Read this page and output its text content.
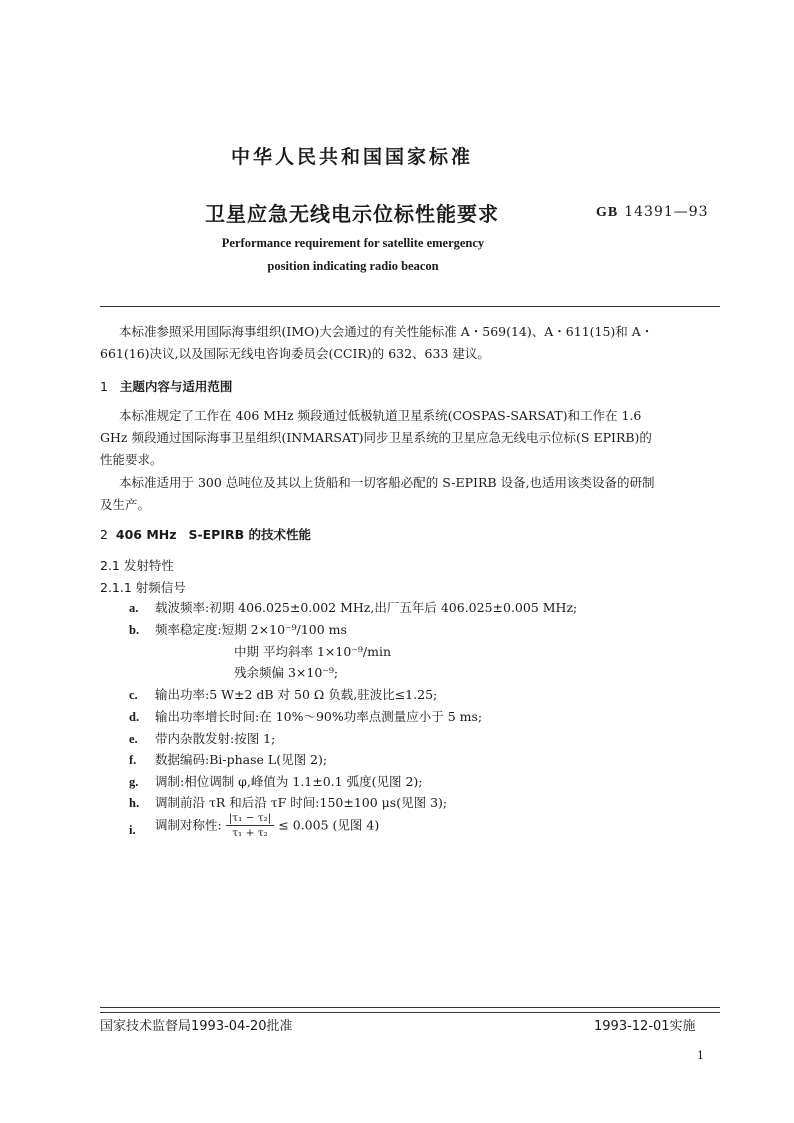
中华人民共和国国家标准
卫星应急无线电示位标性能要求	GB 14391—93
Performance requirement for satellite emergency
position indicating radio beacon
本标准参照采用国际海事组织(IMO)大会通过的有关性能标准 A・569(14)、A・611(15)和 A・
661(16)决议,以及国际无线电咨询委员会(CCIR)的 632、633 建议。
1 主题内容与适用范围
本标准规定了工作在 406 MHz 频段通过低极轨道卫星系统(COSPAS-SARSAT)和工作在 1.6
GHz 频段通过国际海事卫星组织(INMARSAT)同步卫星系统的卫星应急无线电示位标(S EPIRB)的
性能要求。
本标准适用于 300 总吨位及其以上货船和一切客船必配的 S-EPIRB 设备,也适用该类设备的研制
及生产。
2 406 MHz S-EPIRB 的技术性能
2.1 发射特性
2.1.1 射频信号
a. 载波频率:初期 406.025±0.002 MHz,出厂五年后 406.025±0.005 MHz;
b. 频率稳定度:短期 2×10⁻⁹/100 ms
中期 平均斜率 1×10⁻⁹/min
残余频偏 3×10⁻⁹;
c. 输出功率:5 W±2 dB 对 50 Ω 负载,驻波比≤1.25;
d. 输出功率增长时间:在 10%～90%功率点测量应小于 5 ms;
e. 带内杂散发射:按图 1;
f. 数据编码:Bi-phase L(见图 2);
g. 调制:相位调制 φ,峰值为 1.1±0.1 弧度(见图 2);
h. 调制前沿 τR 和后沿 τF 时间:150±100 μs(见图 3);
i. 调制对称性: $\frac{\text{|τ₁ − τ₂|}}{\text{τ₁ + τ₂}} \le 0.005$ (见图 4)
国家技术监督局1993-04-20批准	1993-12-01实施
1
